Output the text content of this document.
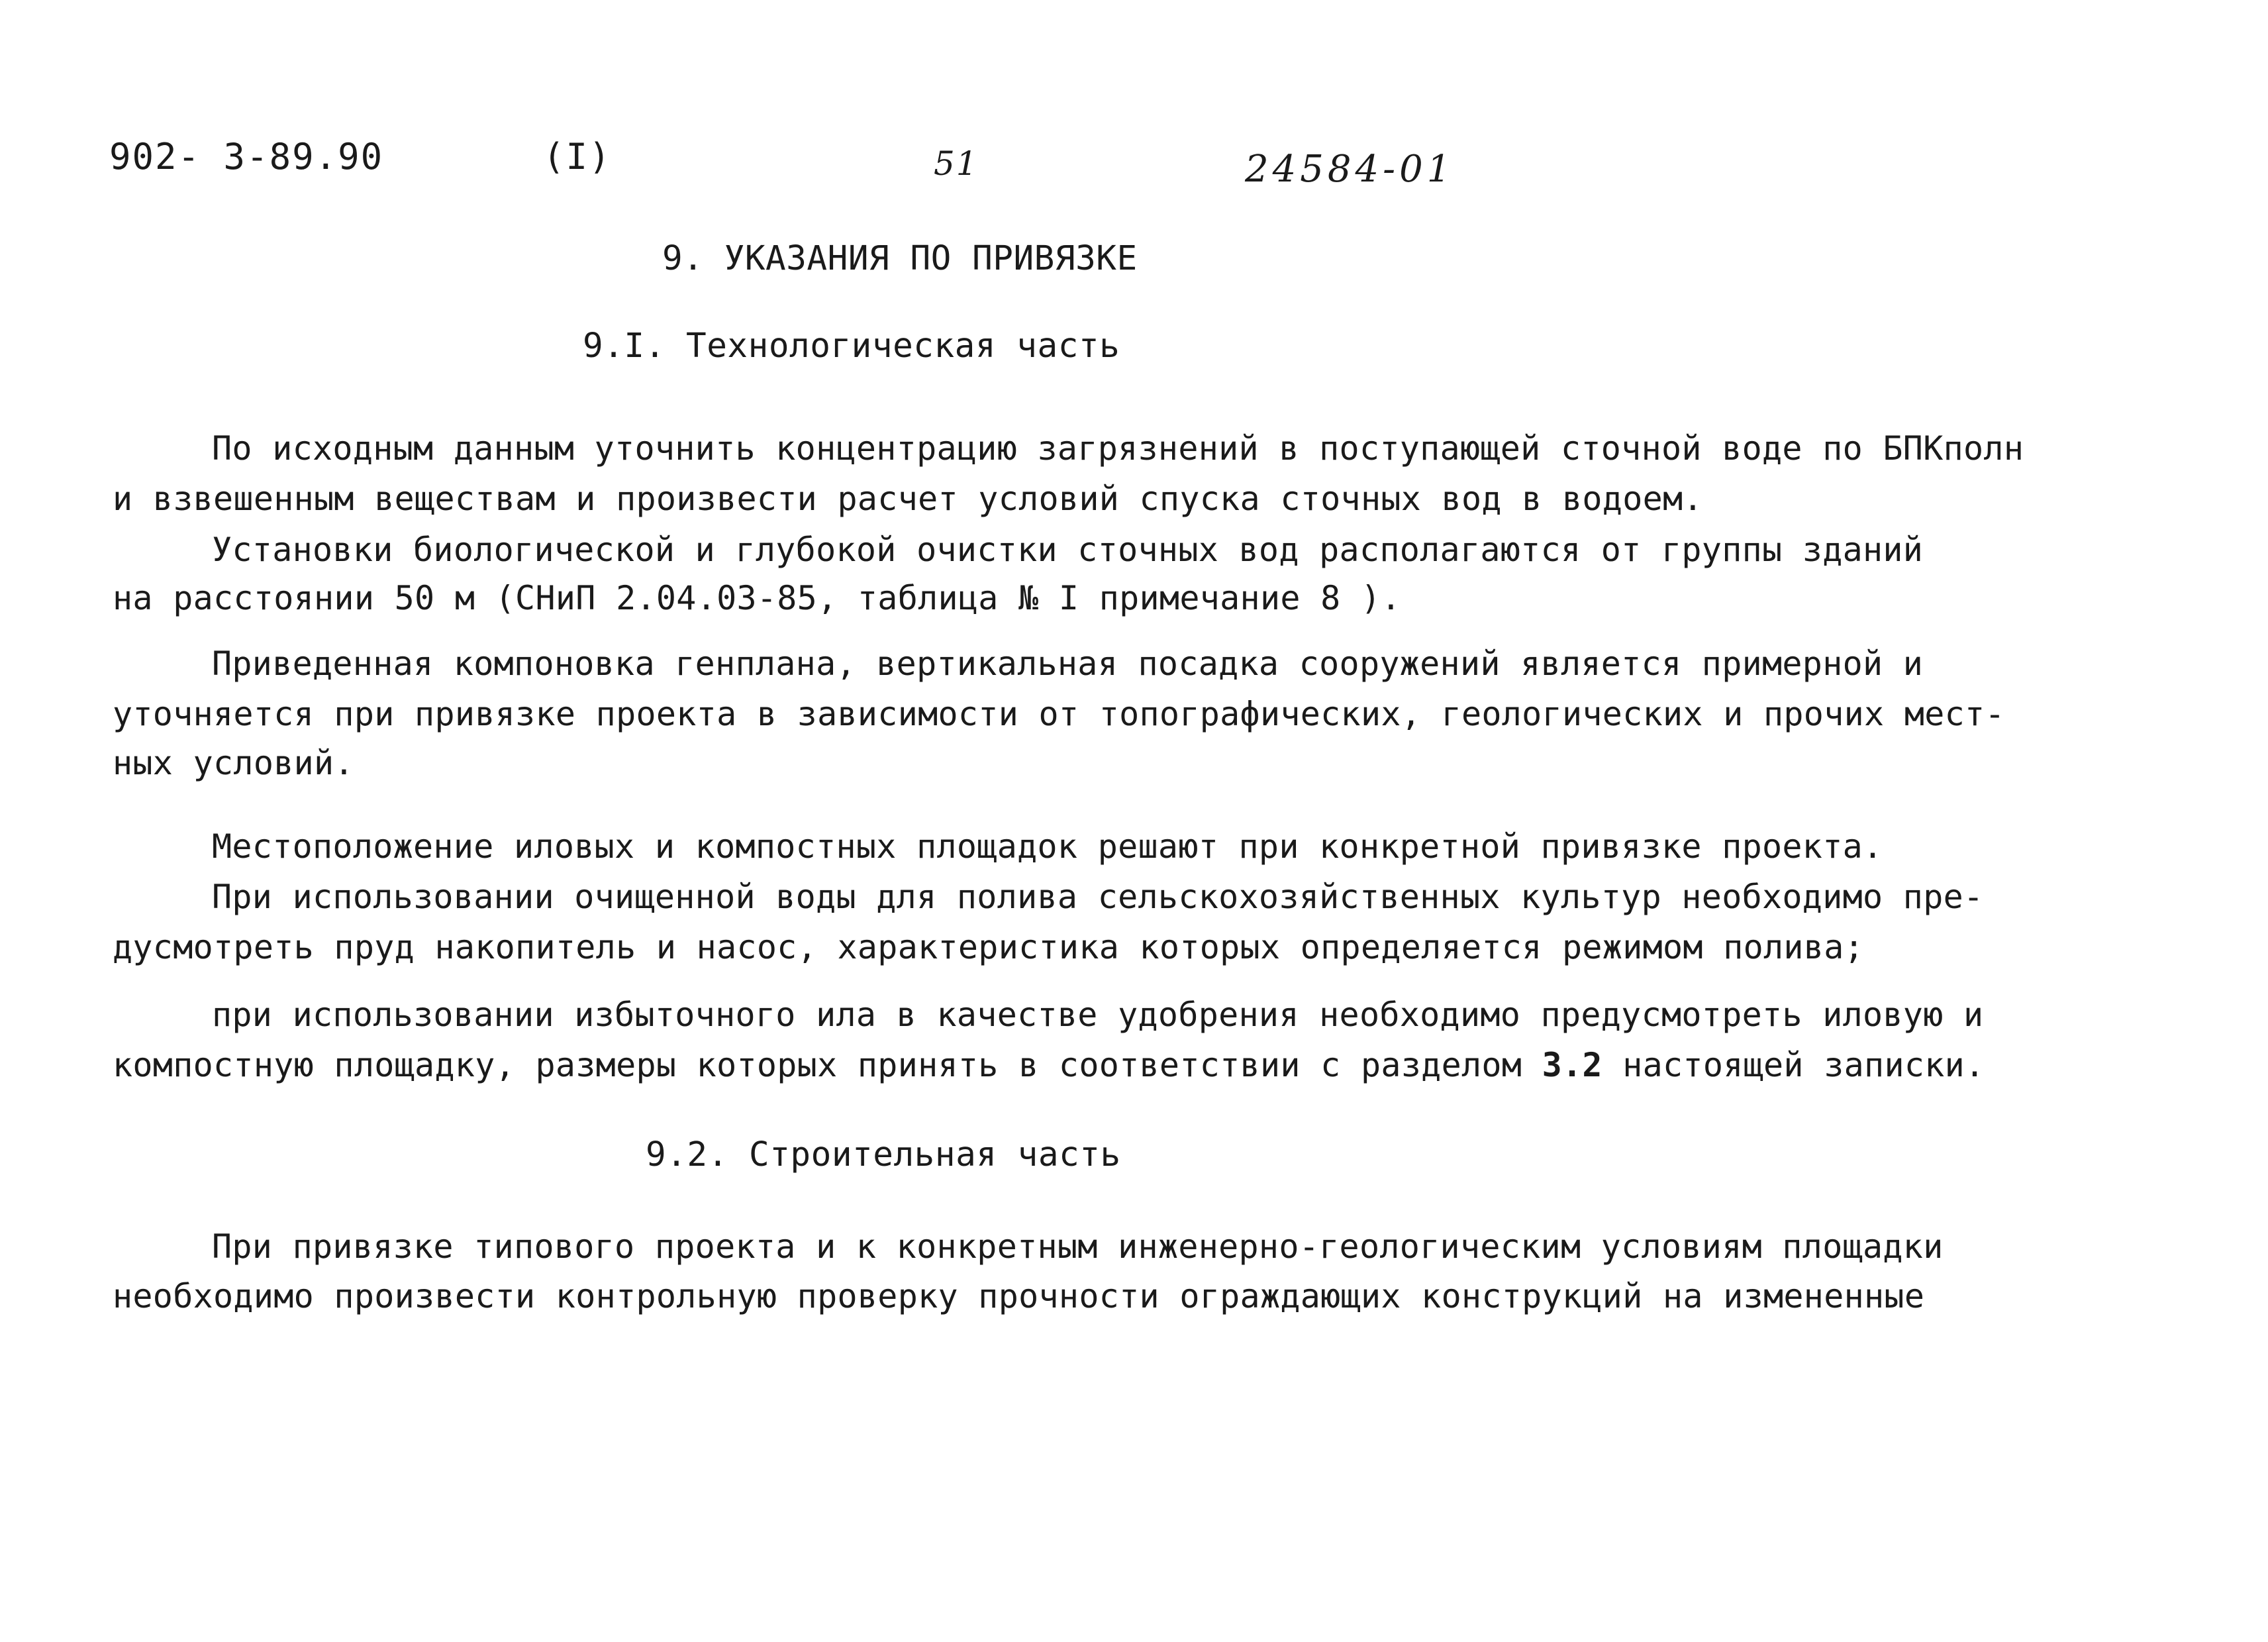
902- 3-89.90	(I)	51	24584-01
9. УКАЗАНИЯ ПО ПРИВЯЗКЕ
9.I. Технологическая часть
По исходным данным уточнить концентрацию загрязнений в поступающей сточной воде по БПКполн
и взвешенным веществам и произвести расчет условий спуска сточных вод в водоем.
Установки биологической и глубокой очистки сточных вод располагаются от группы зданий
на расстоянии 50 м (СНиП 2.04.03-85, таблица № I примечание 8 ).
Приведенная компоновка генплана, вертикальная посадка сооружений является примерной и
уточняется при привязке проекта в зависимости от топографических, геологических и прочих мест-
ных условий.
Местоположение иловых и компостных площадок решают при конкретной привязке проекта.
При использовании очищенной воды для полива сельскохозяйственных культур необходимо пре-
дусмотреть пруд накопитель и насос, характеристика которых определяется режимом полива;
при использовании избыточного ила в качестве удобрения необходимо предусмотреть иловую и
компостную площадку, размеры которых принять в соответствии с разделом 3.2 настоящей записки.
9.2. Строительная часть
При привязке типового проекта и к конкретным инженерно-геологическим условиям площадки
необходимо произвести контрольную проверку прочности ограждающих конструкций на измененные
